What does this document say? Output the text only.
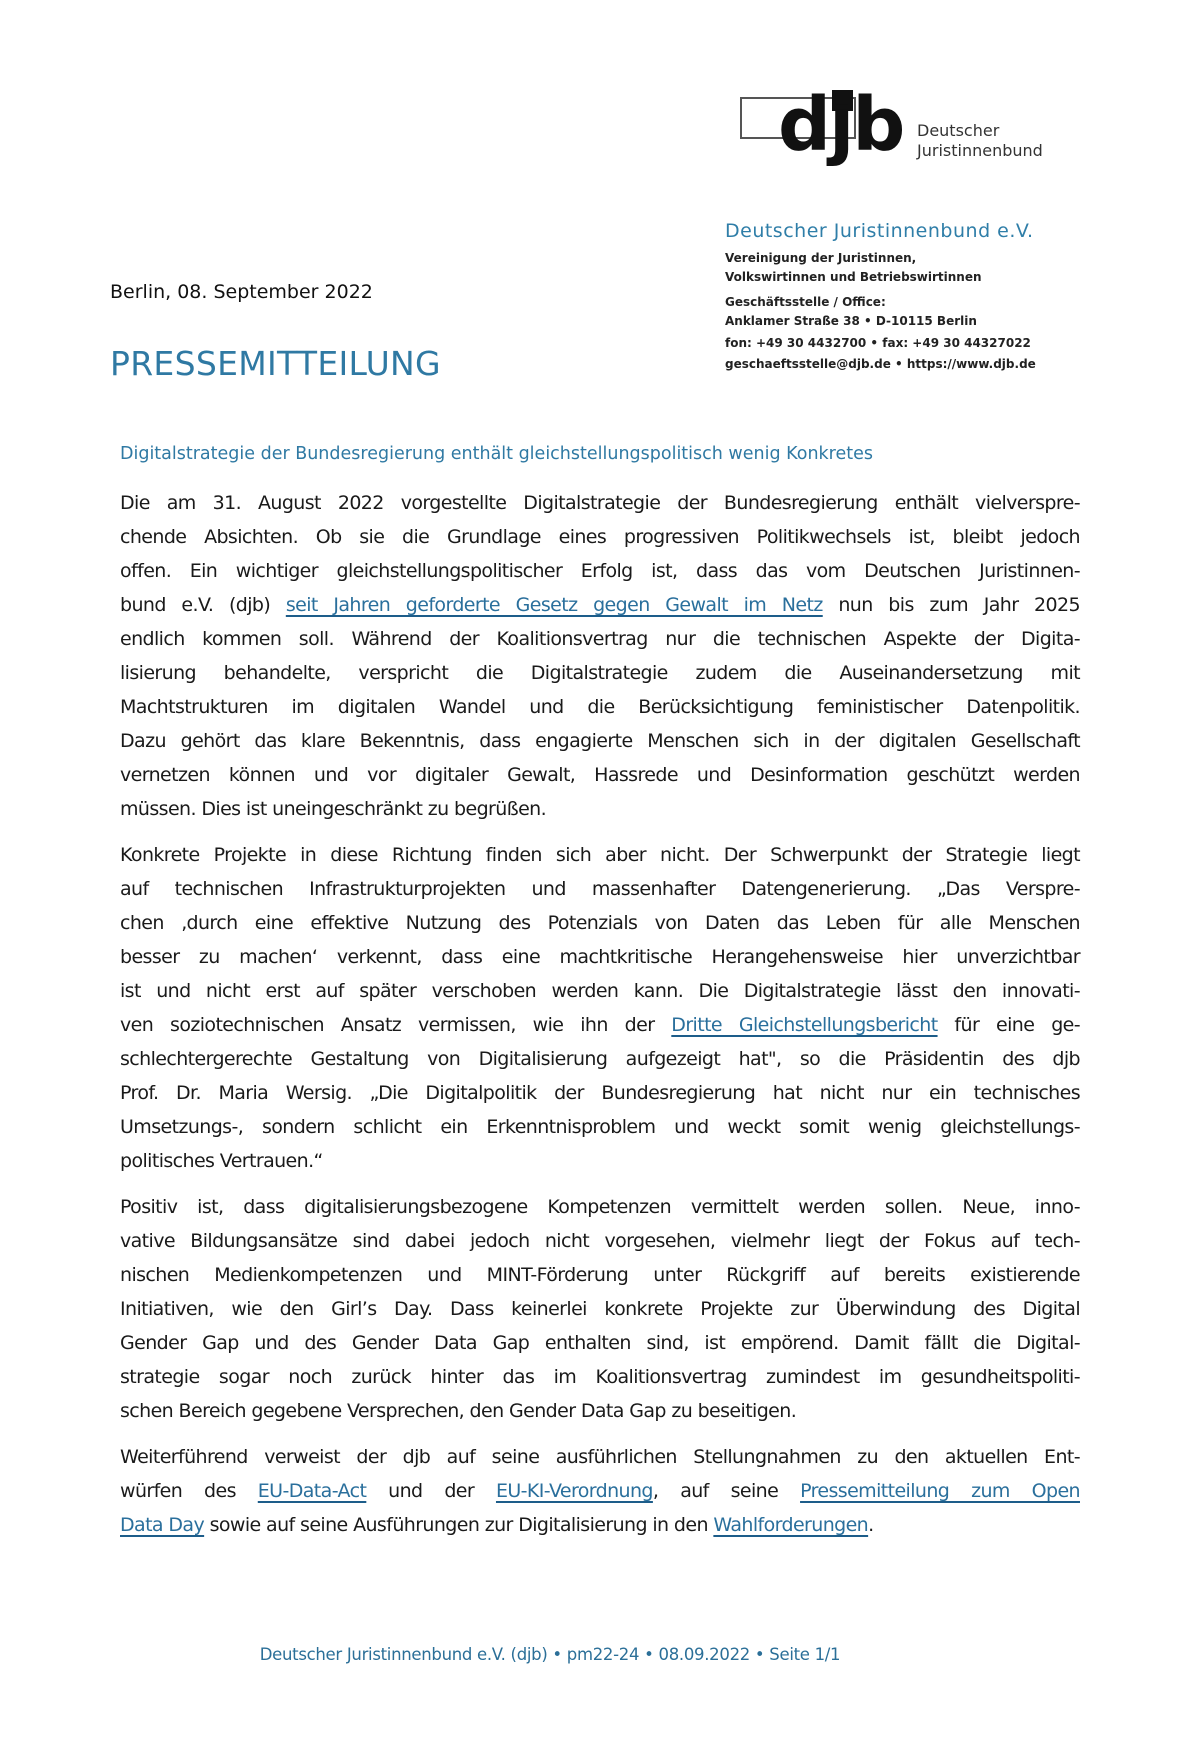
djb Deutscher
Juristinnenbund
Deutscher Juristinnenbund e.V.
Vereinigung der Juristinnen,
Volkswirtinnen und Betriebswirtinnen
Geschäftsstelle / Office:
Anklamer Straße 38 • D-10115 Berlin
fon: +49 30 4432700 • fax: +49 30 44327022
geschaeftsstelle@djb.de • https://www.djb.de
Berlin, 08. September 2022
PRESSEMITTEILUNG
Digitalstrategie der Bundesregierung enthält gleichstellungspolitisch wenig Konkretes
Die am 31. August 2022 vorgestellte Digitalstrategie der Bundesregierung enthält vielverspre-
chende Absichten. Ob sie die Grundlage eines progressiven Politikwechsels ist, bleibt jedoch
offen. Ein wichtiger gleichstellungspolitischer Erfolg ist, dass das vom Deutschen Juristinnen-
bund e.V. (djb) seit Jahren geforderte Gesetz gegen Gewalt im Netz nun bis zum Jahr 2025
endlich kommen soll. Während der Koalitionsvertrag nur die technischen Aspekte der Digita-
lisierung behandelte, verspricht die Digitalstrategie zudem die Auseinandersetzung mit
Machtstrukturen im digitalen Wandel und die Berücksichtigung feministischer Datenpolitik.
Dazu gehört das klare Bekenntnis, dass engagierte Menschen sich in der digitalen Gesellschaft
vernetzen können und vor digitaler Gewalt, Hassrede und Desinformation geschützt werden
müssen. Dies ist uneingeschränkt zu begrüßen.
Konkrete Projekte in diese Richtung finden sich aber nicht. Der Schwerpunkt der Strategie liegt
auf technischen Infrastrukturprojekten und massenhafter Datengenerierung. „Das Verspre-
chen ‚durch eine effektive Nutzung des Potenzials von Daten das Leben für alle Menschen
besser zu machen‘ verkennt, dass eine machtkritische Herangehensweise hier unverzichtbar
ist und nicht erst auf später verschoben werden kann. Die Digitalstrategie lässt den innovati-
ven soziotechnischen Ansatz vermissen, wie ihn der Dritte Gleichstellungsbericht für eine ge-
schlechtergerechte Gestaltung von Digitalisierung aufgezeigt hat", so die Präsidentin des djb
Prof. Dr. Maria Wersig. „Die Digitalpolitik der Bundesregierung hat nicht nur ein technisches
Umsetzungs-, sondern schlicht ein Erkenntnisproblem und weckt somit wenig gleichstellungs-
politisches Vertrauen.“
Positiv ist, dass digitalisierungsbezogene Kompetenzen vermittelt werden sollen. Neue, inno-
vative Bildungsansätze sind dabei jedoch nicht vorgesehen, vielmehr liegt der Fokus auf tech-
nischen Medienkompetenzen und MINT-Förderung unter Rückgriff auf bereits existierende
Initiativen, wie den Girl’s Day. Dass keinerlei konkrete Projekte zur Überwindung des Digital
Gender Gap und des Gender Data Gap enthalten sind, ist empörend. Damit fällt die Digital-
strategie sogar noch zurück hinter das im Koalitionsvertrag zumindest im gesundheitspoliti-
schen Bereich gegebene Versprechen, den Gender Data Gap zu beseitigen.
Weiterführend verweist der djb auf seine ausführlichen Stellungnahmen zu den aktuellen Ent-
würfen des EU-Data-Act und der EU-KI-Verordnung, auf seine Pressemitteilung zum Open
Data Day sowie auf seine Ausführungen zur Digitalisierung in den Wahlforderungen.
Deutscher Juristinnenbund e.V. (djb) • pm22-24 • 08.09.2022 • Seite 1/1
